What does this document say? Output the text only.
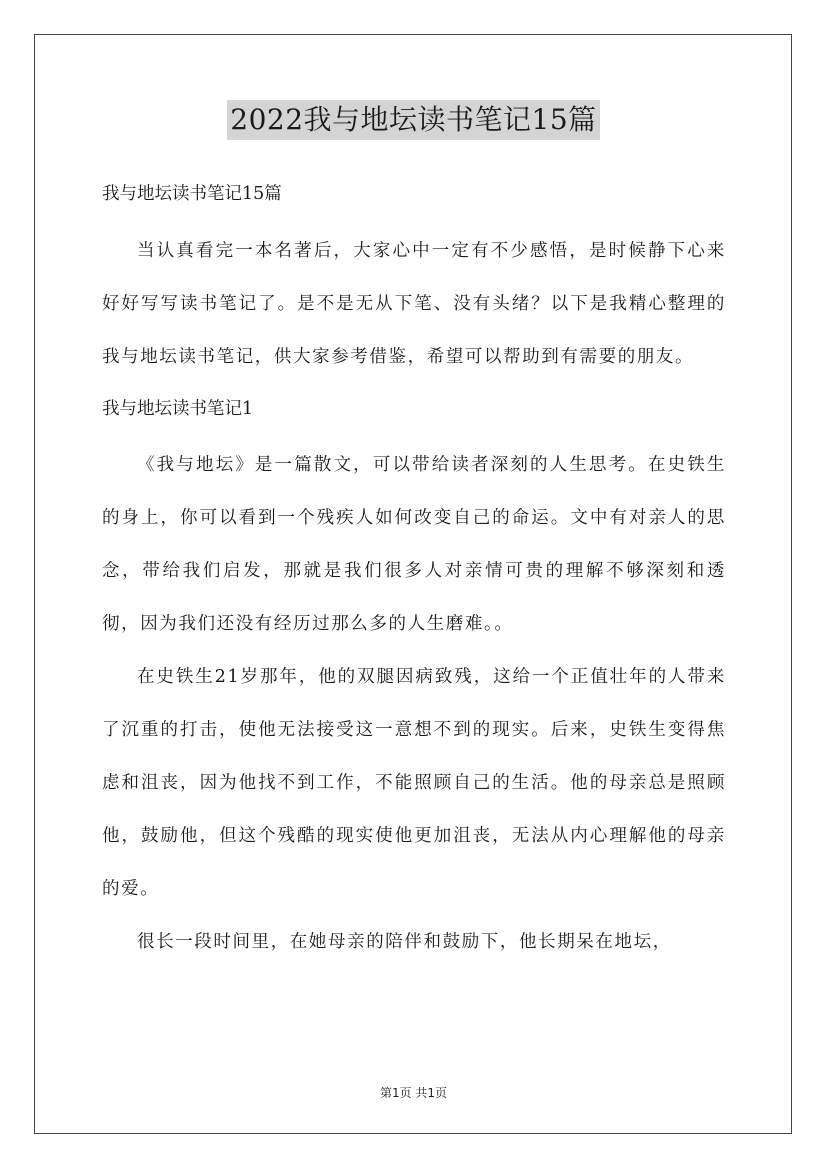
2022我与地坛读书笔记15篇

我与地坛读书笔记15篇

当认真看完一本名著后，大家心中一定有不少感悟，是时候静下心来好好写写读书笔记了。是不是无从下笔、没有头绪？以下是我精心整理的我与地坛读书笔记，供大家参考借鉴，希望可以帮助到有需要的朋友。

我与地坛读书笔记1

《我与地坛》是一篇散文，可以带给读者深刻的人生思考。在史铁生的身上，你可以看到一个残疾人如何改变自己的命运。文中有对亲人的思念，带给我们启发，那就是我们很多人对亲情可贵的理解不够深刻和透彻，因为我们还没有经历过那么多的人生磨难。。

在史铁生21岁那年，他的双腿因病致残，这给一个正值壮年的人带来了沉重的打击，使他无法接受这一意想不到的现实。后来，史铁生变得焦虑和沮丧，因为他找不到工作，不能照顾自己的生活。他的母亲总是照顾他，鼓励他，但这个残酷的现实使他更加沮丧，无法从内心理解他的母亲的爱。

很长一段时间里，在她母亲的陪伴和鼓励下，他长期呆在地坛，

第1页 共1页
